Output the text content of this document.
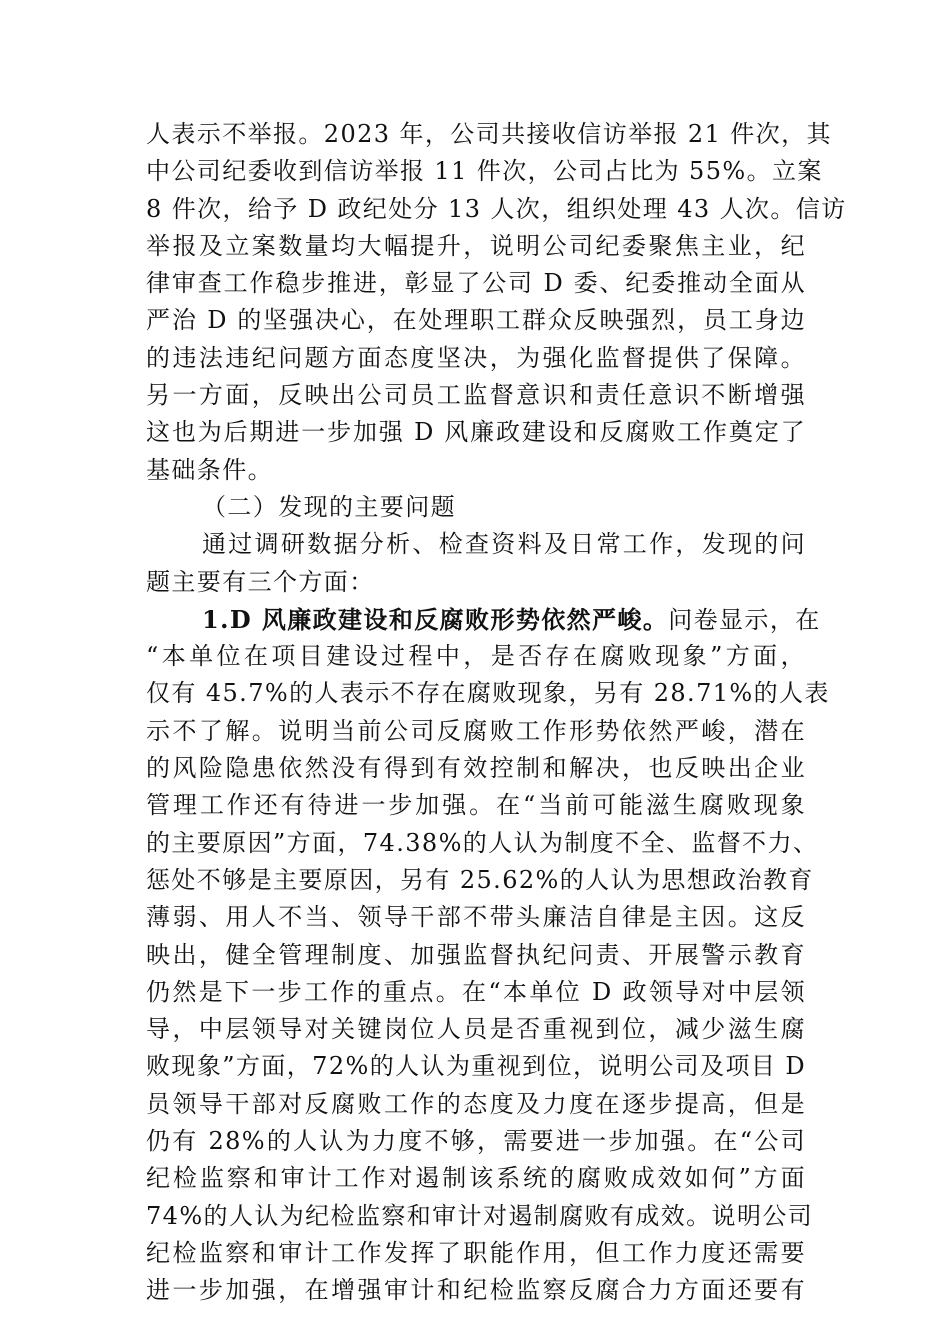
人表示不举报。2023 年，公司共接收信访举报 21 件次，其
中公司纪委收到信访举报 11 件次，公司占比为 55%。立案
8 件次，给予 D 政纪处分 13 人次，组织处理 43 人次。信访
举报及立案数量均大幅提升，说明公司纪委聚焦主业，纪
律审查工作稳步推进，彰显了公司 D 委、纪委推动全面从
严治 D 的坚强决心，在处理职工群众反映强烈，员工身边
的违法违纪问题方面态度坚决，为强化监督提供了保障。
另一方面，反映出公司员工监督意识和责任意识不断增强
这也为后期进一步加强 D 风廉政建设和反腐败工作奠定了
基础条件。
（二）发现的主要问题
通过调研数据分析、检查资料及日常工作，发现的问
题主要有三个方面：
1.D 风廉政建设和反腐败形势依然严峻。问卷显示，在
“本单位在项目建设过程中，是否存在腐败现象”方面，
仅有 45.7%的人表示不存在腐败现象，另有 28.71%的人表
示不了解。说明当前公司反腐败工作形势依然严峻，潜在
的风险隐患依然没有得到有效控制和解决，也反映出企业
管理工作还有待进一步加强。在“当前可能滋生腐败现象
的主要原因”方面，74.38%的人认为制度不全、监督不力、
惩处不够是主要原因，另有 25.62%的人认为思想政治教育
薄弱、用人不当、领导干部不带头廉洁自律是主因。这反
映出，健全管理制度、加强监督执纪问责、开展警示教育
仍然是下一步工作的重点。在“本单位 D 政领导对中层领
导，中层领导对关键岗位人员是否重视到位，减少滋生腐
败现象”方面，72%的人认为重视到位，说明公司及项目 D
员领导干部对反腐败工作的态度及力度在逐步提高，但是
仍有 28%的人认为力度不够，需要进一步加强。在“公司
纪检监察和审计工作对遏制该系统的腐败成效如何”方面
74%的人认为纪检监察和审计对遏制腐败有成效。说明公司
纪检监察和审计工作发挥了职能作用，但工作力度还需要
进一步加强，在增强审计和纪检监察反腐合力方面还要有
